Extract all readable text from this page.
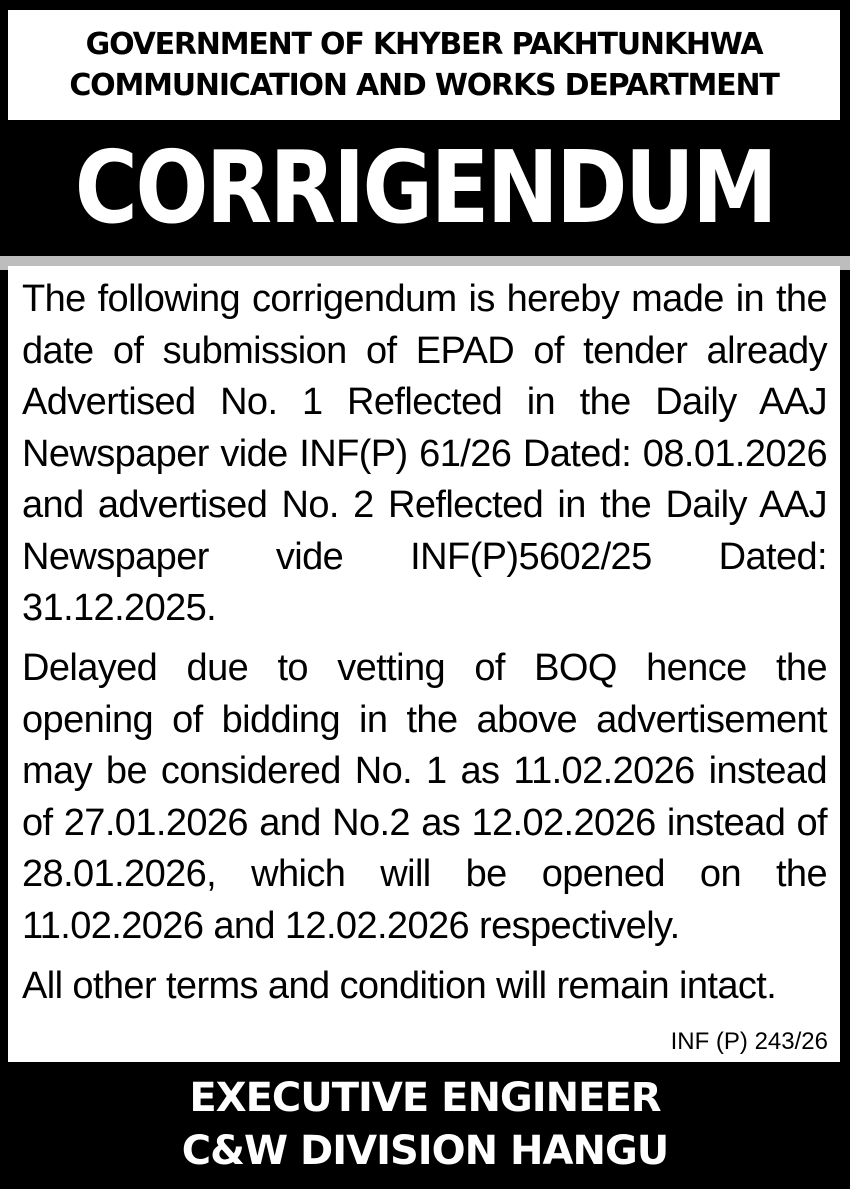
GOVERNMENT OF KHYBER PAKHTUNKHWA
COMMUNICATION AND WORKS DEPARTMENT
CORRIGENDUM
The following corrigendum is hereby made in the date of submission of EPAD of tender already Advertised No. 1 Reflected in the Daily AAJ Newspaper vide INF(P) 61/26 Dated: 08.01.2026 and advertised No. 2 Reflected in the Daily AAJ Newspaper vide INF(P)5602/25 Dated: 31.12.2025.
Delayed due to vetting of BOQ hence the opening of bidding in the above advertisement may be considered No. 1 as 11.02.2026 instead of 27.01.2026 and No.2 as 12.02.2026 instead of 28.01.2026, which will be opened on the 11.02.2026 and 12.02.2026 respectively.
All other terms and condition will remain intact.
INF (P) 243/26
EXECUTIVE ENGINEER
C&W DIVISION HANGU
